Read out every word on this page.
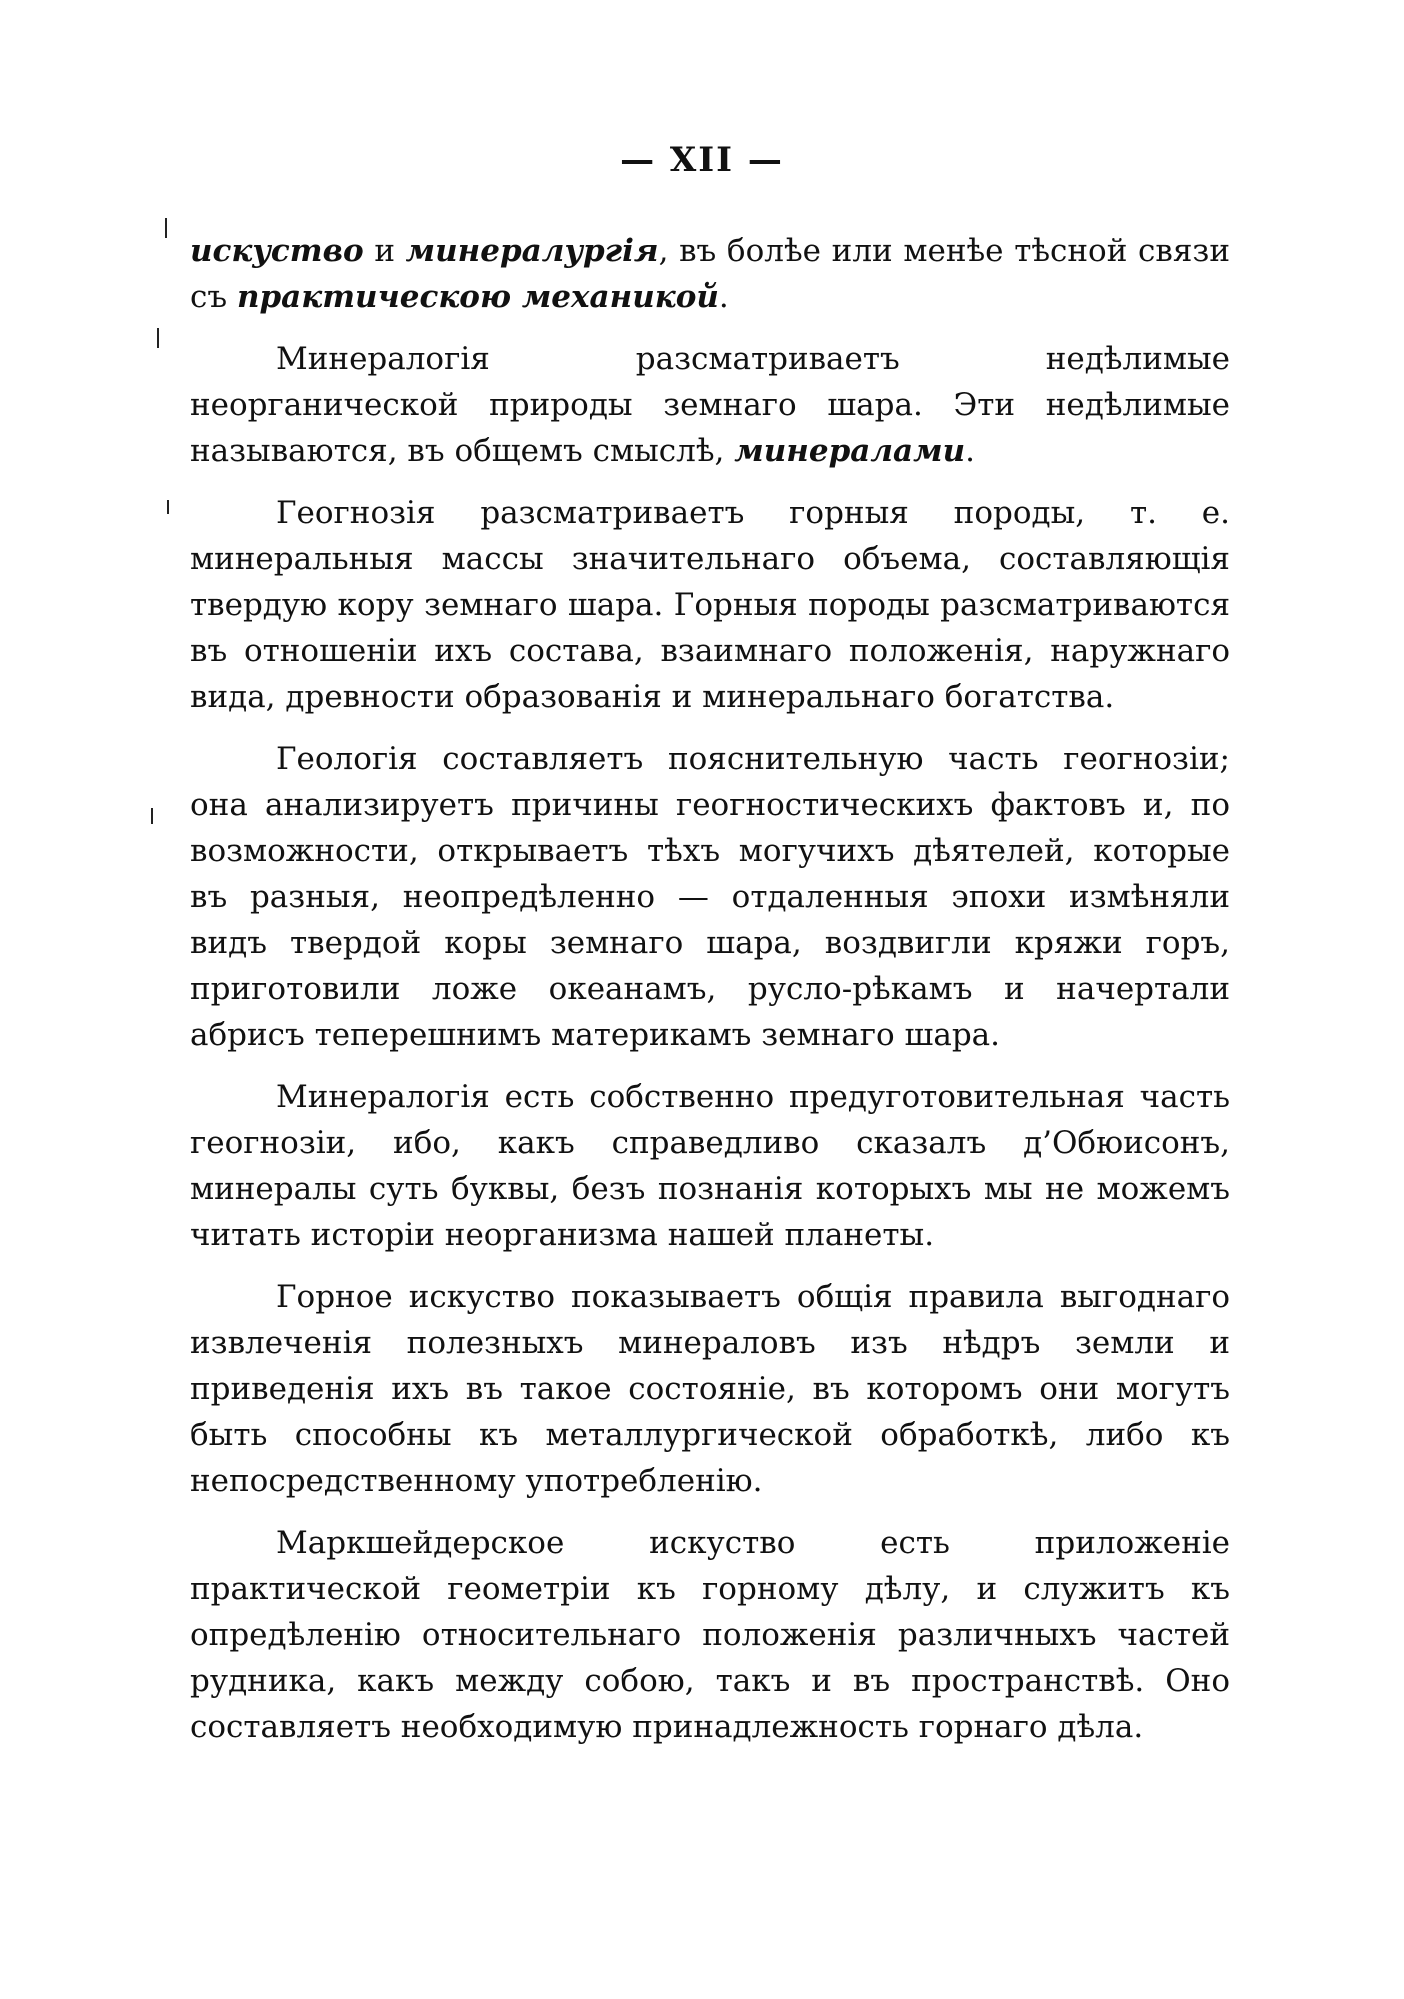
— XII —

искуство и минералургія, въ болѣе или менѣе тѣсной связи съ практическою механикой.

Минералогія разсматриваетъ недѣлимые неорганической природы земнаго шара. Эти недѣлимые называются, въ общемъ смыслѣ, минералами.

Геогнозія разсматриваетъ горныя породы, т. е. минеральныя массы значительнаго объема, составляющія твердую кору земнаго шара. Горныя породы разсматриваются въ отношеніи ихъ состава, взаимнаго положенія, наружнаго вида, древности образованія и минеральнаго богатства.

Геологія составляетъ пояснительную часть геогнозіи; она анализируетъ причины геогностическихъ фактовъ и, по возможности, открываетъ тѣхъ могучихъ дѣятелей, которые въ разныя, неопредѣленно — отдаленныя эпохи измѣняли видъ твердой коры земнаго шара, воздвигли кряжи горъ, приготовили ложе океанамъ, русло-рѣкамъ и начертали абрисъ теперешнимъ материкамъ земнаго шара.

Минералогія есть собственно предуготовительная часть геогнозіи, ибо, какъ справедливо сказалъ д’Обюисонъ, минералы суть буквы, безъ познанія которыхъ мы не можемъ читать исторіи неорганизма нашей планеты.

Горное искуство показываетъ общія правила выгоднаго извлеченія полезныхъ минераловъ изъ нѣдръ земли и приведенія ихъ въ такое состояніе, въ которомъ они могутъ быть способны къ металлургической обработкѣ, либо къ непосредственному употребленію.

Маркшейдерское искуство есть приложеніе практической геометріи къ горному дѣлу, и служитъ къ опредѣленію относительнаго положенія различныхъ частей рудника, какъ между собою, такъ и въ пространствѣ. Оно составляетъ необходимую принадлежность горнаго дѣла.
